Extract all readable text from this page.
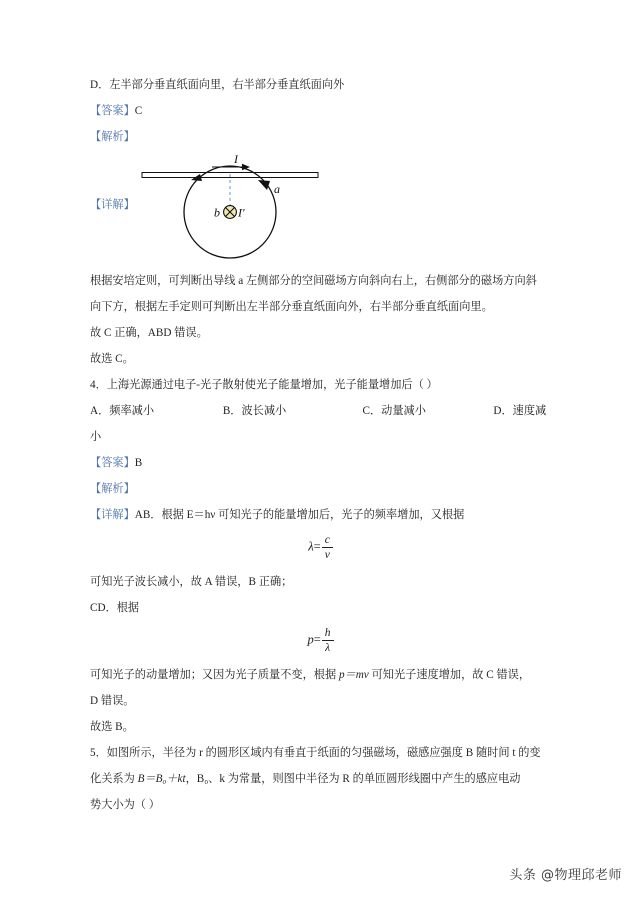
D．左半部分垂直纸面向里，右半部分垂直纸面向外
【答案】C
【解析】
【详解】
I
a
b I'
根据安培定则，可判断出导线 a 左侧部分的空间磁场方向斜向右上，右侧部分的磁场方向斜
向下方，根据左手定则可判断出左半部分垂直纸面向外，右半部分垂直纸面向里。
故 C 正确，ABD 错误。
故选 C。
4．上海光源通过电子-光子散射使光子能量增加，光子能量增加后（ ）
A．频率减小	B．波长减小	C．动量减小	D．速度减
小
【答案】B
【解析】
【详解】AB．根据 E＝hν 可知光子的能量增加后，光子的频率增加，又根据
$\lambda= \frac{c}{\nu}$
可知光子波长减小，故 A 错误，B 正确；
CD．根据
$p= \frac{h}{\lambda}$
可知光子的动量增加；又因为光子质量不变，根据 p＝mv 可知光子速度增加，故 C 错误，
D 错误。
故选 B。
5．如图所示，半径为 r 的圆形区域内有垂直于纸面的匀强磁场，磁感应强度 B 随时间 t 的变
化关系为 B＝B₀＋kt，B₀、k 为常量，则图中半径为 R 的单匝圆形线圈中产生的感应电动
势大小为（ ）
头条 @物理邱老师
